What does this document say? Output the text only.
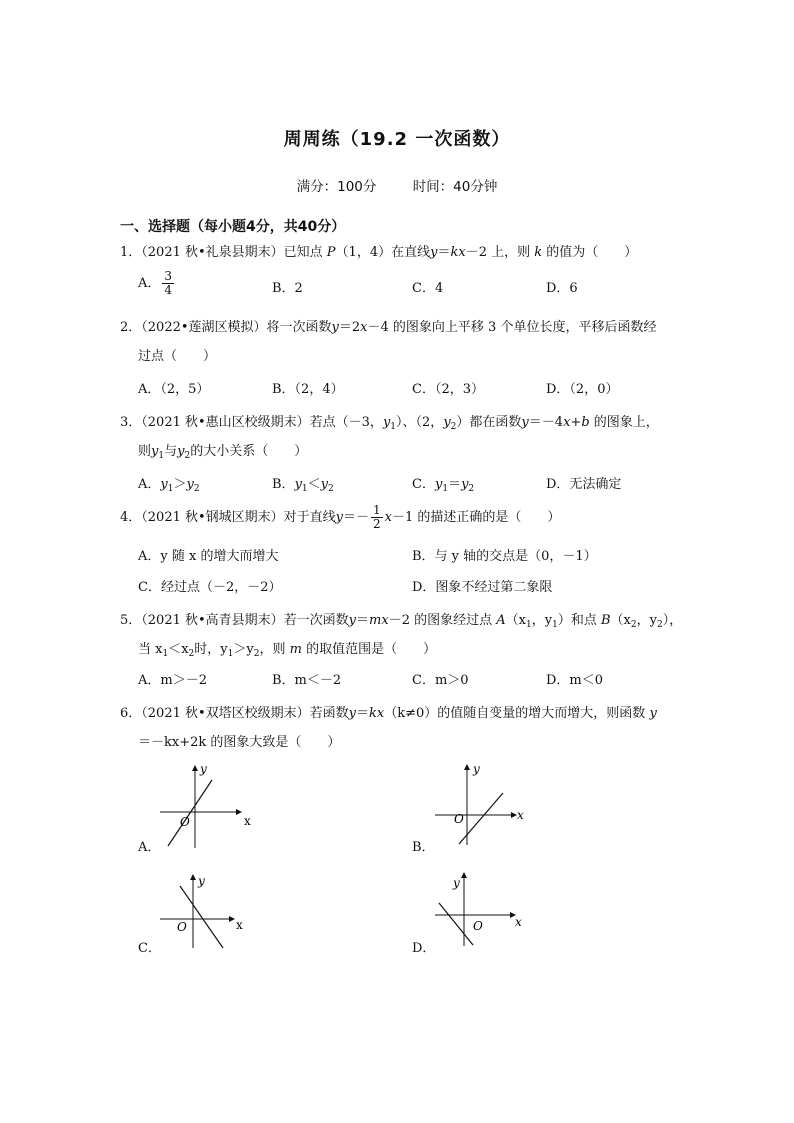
周周练（19.2 一次函数）
满分：100分	时间：40分钟
一、选择题（每小题4分，共40分）
1．（2021 秋•礼泉县期末）已知点 P（1，4）在直线y＝kx－2 上，则 k 的值为（　　）
A． $\frac{3}{4}$	B．2	C．4	D．6
2．（2022•莲湖区模拟）将一次函数y＝2x－4 的图象向上平移 3 个单位长度，平移后函数经
过点（　　）
A．（2，5）	B．（2，4）	C．（2，3）	D．（2，0）
3．（2021 秋•惠山区校级期末）若点（－3，$y_1$）、（2，$y_2$）都在函数y＝－4x+b 的图象上，
则$y_1$与$y_2$的大小关系（　　）
A．$y_1>y_2$	B．$y_1<y_2$	C．$y_1=y_2$	D．无法确定
4．（2021 秋•钢城区期末）对于直线$y=- \frac{1}{2} x-1$ 的描述正确的是（　　）
A．y 随 x 的增大而增大	B．与 y 轴的交点是（0，－1）
C．经过点（－2，－2）	D．图象不经过第二象限
5．（2021 秋•高青县期末）若一次函数y＝mx－2 的图象经过点 $A(x_1$，$y_1$）和点 $B(x_2$，$y_2$），
当 $x_1<x_2$时，$y_1>y_2$，则 m 的取值范围是（　　）
A．m＞－2	B．m＜－2	C．m＞0	D．m＜0
6．（2021 秋•双塔区校级期末）若函数y＝kx（k≠0）的值随自变量的增大而增大，则函数 y
＝－kx+2k 的图象大致是（　　）
A．
y
x
O
B．
y
x
O
C．
y
x
O
D．
y
x
O
